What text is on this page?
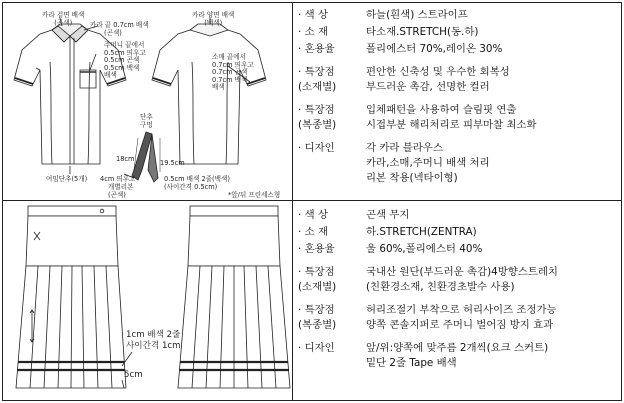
카라 겉면 배색
(곤색)	카라 끝 0.7cm 배색
(곤색)
주머니 끝에서
0.5cm 띄우고
0.5cm 곤색
0.5cm 백색
배색
카라 양면 배색
(백색)
소매 끝에서
0.7cm 띄우고
0.7cm 곤색
0.7cm 백색
배색
단추
구멍
18cm	19.5cm
여밈단추(5개) 4cm 띄우고	0.5cm 배색 2줄(백색)
(사이간격 0.5cm)
개별리본
(곤색)	*앞/뒤 프린세스형
· 색 상	하늘(흰색) 스트라이프
· 소 재	타소재.STRETCH(동.하)
· 혼용율	폴리에스터 70%,레이온 30%
· 특장점
(소재별)
편안한 신축성 및 우수한 회복성
부드러운 촉감, 선명한 컬러
· 특장점
(복종별)
입체패턴을 사용하여 슬림핏 연출
시접부분 해리처리로 피부마찰 최소화
· 디자인	각 카라 블라우스
카라,소매,주머니 배색 처리
리본 착용(넥타이형)
1cm 배색 2줄
사이간격 1cm
5cm
· 색 상	곤색 무지
· 소 재	하.STRETCH(ZENTRA)
· 혼용율	울 60%,폴리에스터 40%
· 특장점
(소재별)
국내산 원단(부드러운 촉감)4방향스트레치
(친환경소재, 친환경초발수 사용)
· 특장점
(복종별)
허리조절기 부착으로 허리사이즈 조정가능
양쪽 콘솔지퍼로 주머니 벌어짐 방지 효과
· 디자인	앞/위:양쪽에 맞주름 2개씩(요크 스커트)
밑단 2줄 Tape 배색
